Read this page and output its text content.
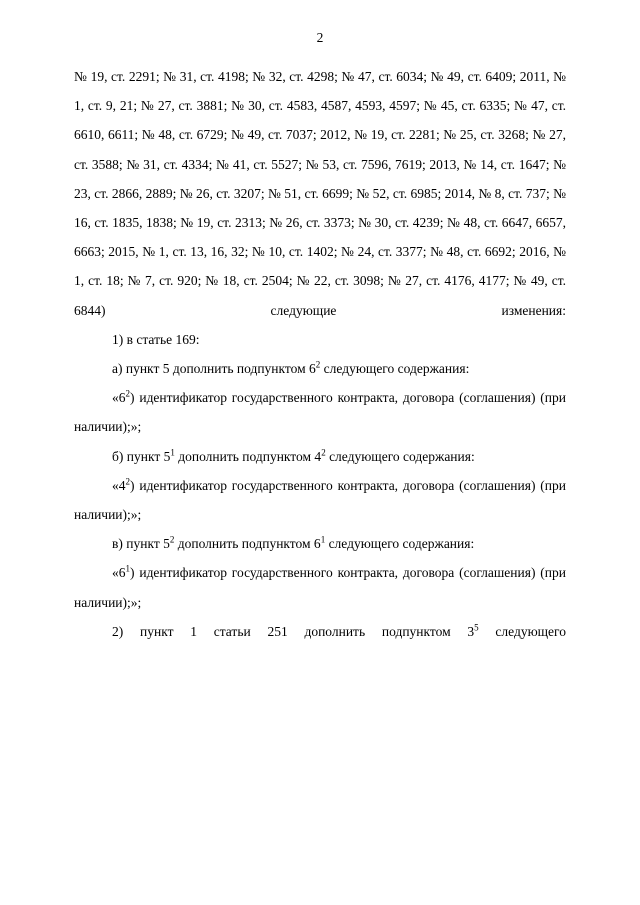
2

№ 19, ст. 2291; № 31, ст. 4198; № 32, ст. 4298; № 47, ст. 6034; № 49, ст. 6409; 2011, № 1, ст. 9, 21; № 27, ст. 3881; № 30, ст. 4583, 4587, 4593, 4597; № 45, ст. 6335; № 47, ст. 6610, 6611; № 48, ст. 6729; № 49, ст. 7037; 2012, № 19, ст. 2281; № 25, ст. 3268; № 27, ст. 3588; № 31, ст. 4334; № 41, ст. 5527; № 53, ст. 7596, 7619; 2013, № 14, ст. 1647; № 23, ст. 2866, 2889; № 26, ст. 3207; № 51, ст. 6699; № 52, ст. 6985; 2014, № 8, ст. 737; № 16, ст. 1835, 1838; № 19, ст. 2313; № 26, ст. 3373; № 30, ст. 4239; № 48, ст. 6647, 6657, 6663; 2015, № 1, ст. 13, 16, 32; № 10, ст. 1402; № 24, ст. 3377; № 48, ст. 6692; 2016, № 1, ст. 18; № 7, ст. 920; № 18, ст. 2504; № 22, ст. 3098; № 27, ст. 4176, 4177; № 49, ст. 6844) следующие изменения:

1) в статье 169:

а) пункт 5 дополнить подпунктом $6^2$ следующего содержания:

«$6^2$) идентификатор государственного контракта, договора (соглашения) (при наличии);»;

б) пункт $5^1$ дополнить подпунктом $4^2$ следующего содержания:

«$4^2$) идентификатор государственного контракта, договора (соглашения) (при наличии);»;

в) пункт $5^2$ дополнить подпунктом $6^1$ следующего содержания:

«$6^1$) идентификатор государственного контракта, договора (соглашения) (при наличии);»;

2) пункт 1 статьи 251 дополнить подпунктом $3^5$ следующего
